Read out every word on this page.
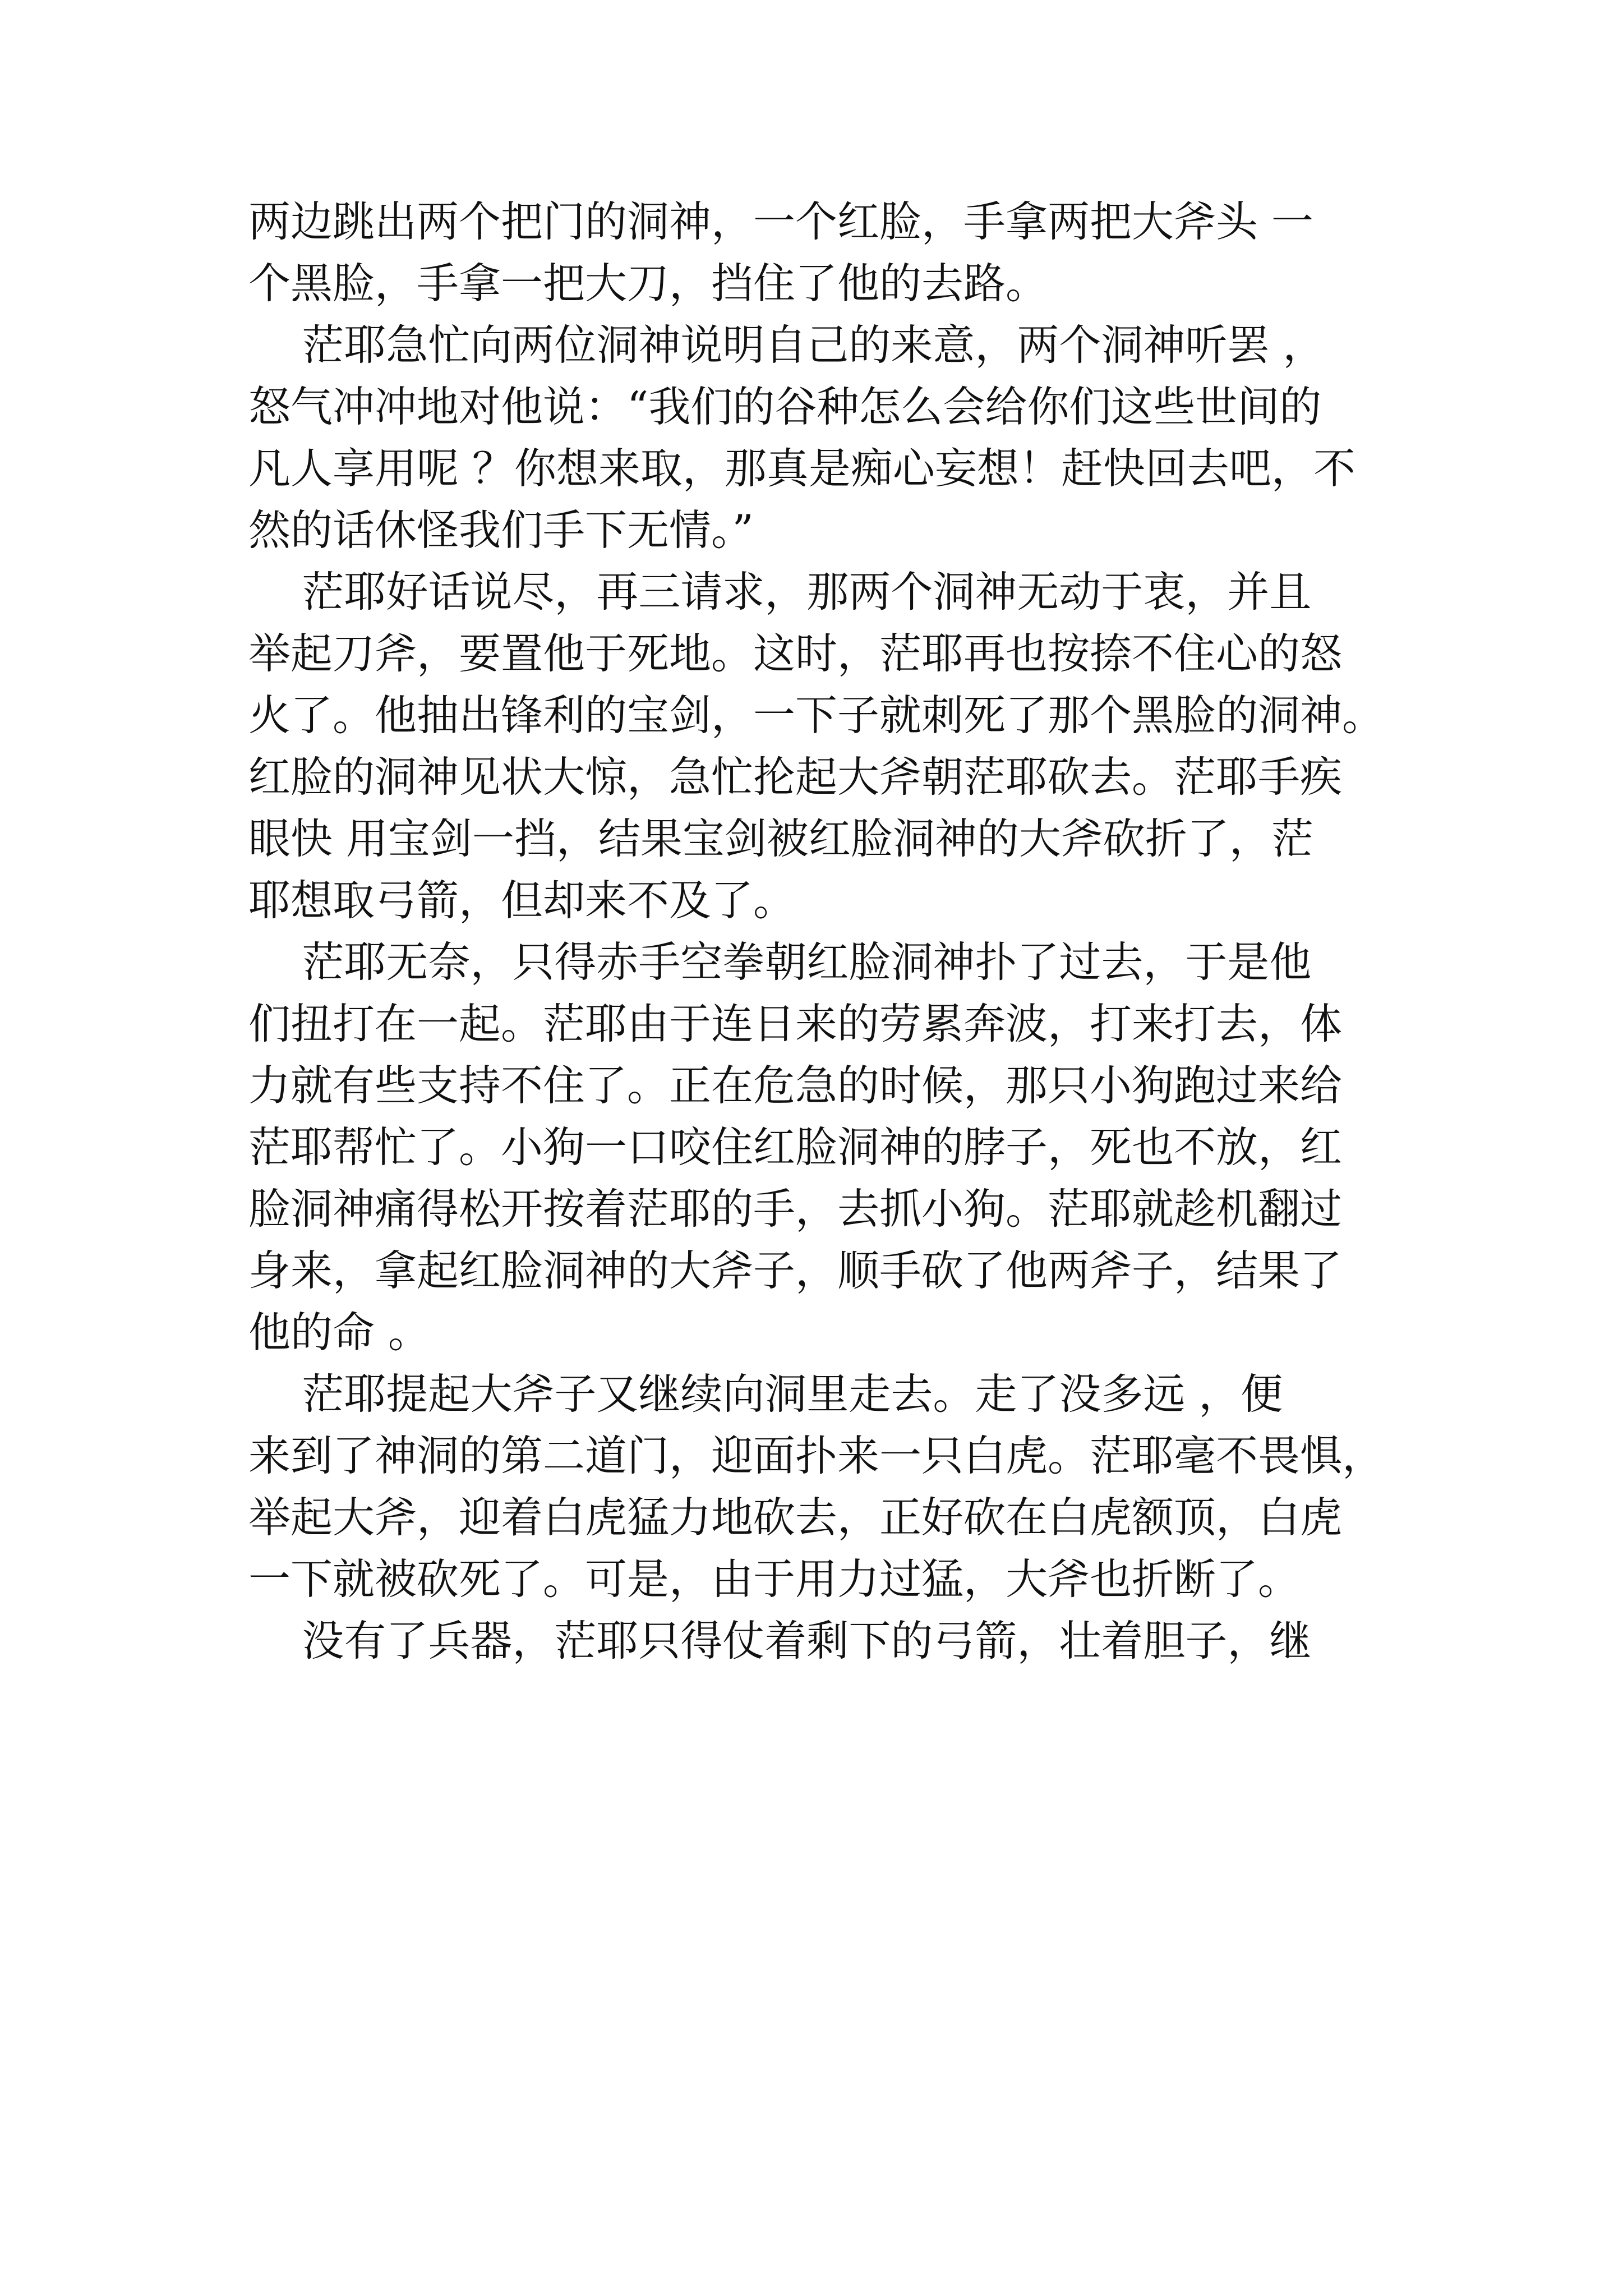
两边跳出两个把门的洞神，一个红脸，手拿两把大斧头 一
个黑脸，手拿一把大刀，挡住了他的去路。
茫耶急忙向两位洞神说明自己的来意，两个洞神听罢 ，
怒气冲冲地对他说：“我们的谷种怎么会给你们这些世间的
凡人享用呢 ？你想来取，那真是痴心妄想！赶快回去吧，不
然的话休怪我们手下无情。”
茫耶好话说尽，再三请求，那两个洞神无动于衷，并且
举起刀斧，要置他于死地。这时，茫耶再也按捺不住心的怒
火了。他抽出锋利的宝剑，一下子就刺死了那个黑脸的洞神。
红脸的洞神见状大惊，急忙抡起大斧朝茫耶砍去。茫耶手疾
眼快 用宝剑一挡，结果宝剑被红脸洞神的大斧砍折了，茫
耶想取弓箭，但却来不及了。
茫耶无奈，只得赤手空拳朝红脸洞神扑了过去，于是他
们扭打在一起。茫耶由于连日来的劳累奔波，打来打去，体
力就有些支持不住了。正在危急的时候，那只小狗跑过来给
茫耶帮忙了。小狗一口咬住红脸洞神的脖子，死也不放，红
脸洞神痛得松开按着茫耶的手，去抓小狗。茫耶就趁机翻过
身来，拿起红脸洞神的大斧子，顺手砍了他两斧子，结果了
他的命 。
茫耶提起大斧子又继续向洞里走去。走了没多远 ，便
来到了神洞的第二道门，迎面扑来一只白虎。茫耶毫不畏惧，
举起大斧，迎着白虎猛力地砍去，正好砍在白虎额顶，白虎
一下就被砍死了。可是，由于用力过猛，大斧也折断了。
没有了兵器，茫耶只得仗着剩下的弓箭，壮着胆子，继
